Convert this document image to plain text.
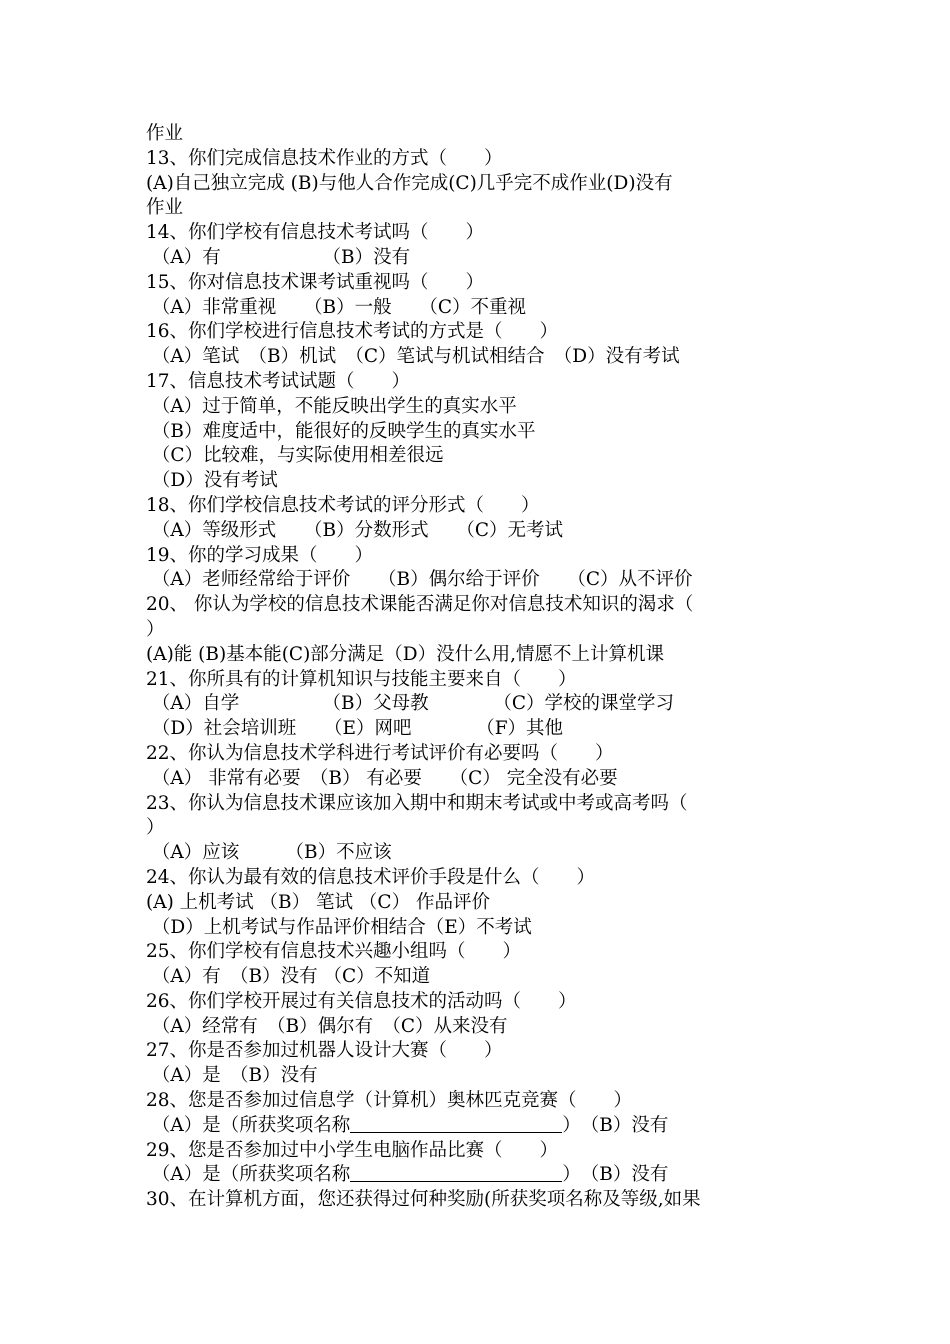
作业
13、你们完成信息技术作业的方式（　　）
(A)自己独立完成 (B)与他人合作完成(C)几乎完不成作业(D)没有
作业
14、你们学校有信息技术考试吗（　　）
（A）有　　　　　　（B）没有
15、你对信息技术课考试重视吗（　　）
（A）非常重视　　（B）一般　　（C）不重视
16、你们学校进行信息技术考试的方式是（　　）
（A）笔试　（B）机试　（C）笔试与机试相结合　（D）没有考试
17、信息技术考试试题（　　）
（A）过于简单，不能反映出学生的真实水平
（B）难度适中，能很好的反映学生的真实水平
（C）比较难，与实际使用相差很远
（D）没有考试
18、你们学校信息技术考试的评分形式（　　）
（A）等级形式　　（B）分数形式　　（C）无考试
19、你的学习成果（　　）
（A）老师经常给于评价　　（B）偶尔给于评价　　（C）从不评价
20、 你认为学校的信息技术课能否满足你对信息技术知识的渴求（
）
(A)能 (B)基本能(C)部分满足（D）没什么用,情愿不上计算机课
21、你所具有的计算机知识与技能主要来自（　　）
（A）自学　　　　　（B）父母教　　　　（C）学校的课堂学习
（D）社会培训班　　（E）网吧　　　　（F）其他
22、你认为信息技术学科进行考试评价有必要吗（　　）
（A） 非常有必要　（B） 有必要　　（C） 完全没有必要
23、你认为信息技术课应该加入期中和期末考试或中考或高考吗（
）
（A）应该　　　（B）不应该
24、你认为最有效的信息技术评价手段是什么（　　）
(A) 上机考试 （B） 笔试 （C） 作品评价
（D）上机考试与作品评价相结合（E）不考试
25、你们学校有信息技术兴趣小组吗（　　）
（A）有　（B）没有 （C）不知道
26、你们学校开展过有关信息技术的活动吗（　　）
（A）经常有　（B）偶尔有　（C）从来没有
27、你是否参加过机器人设计大赛（　　）
（A）是　（B）没有
28、您是否参加过信息学（计算机）奥林匹克竞赛（　　）
（A）是（所获奖项名称	）　（B）没有
29、您是否参加过中小学生电脑作品比赛（　　）
（A）是（所获奖项名称	）　（B）没有
30、在计算机方面，您还获得过何种奖励(所获奖项名称及等级,如果
